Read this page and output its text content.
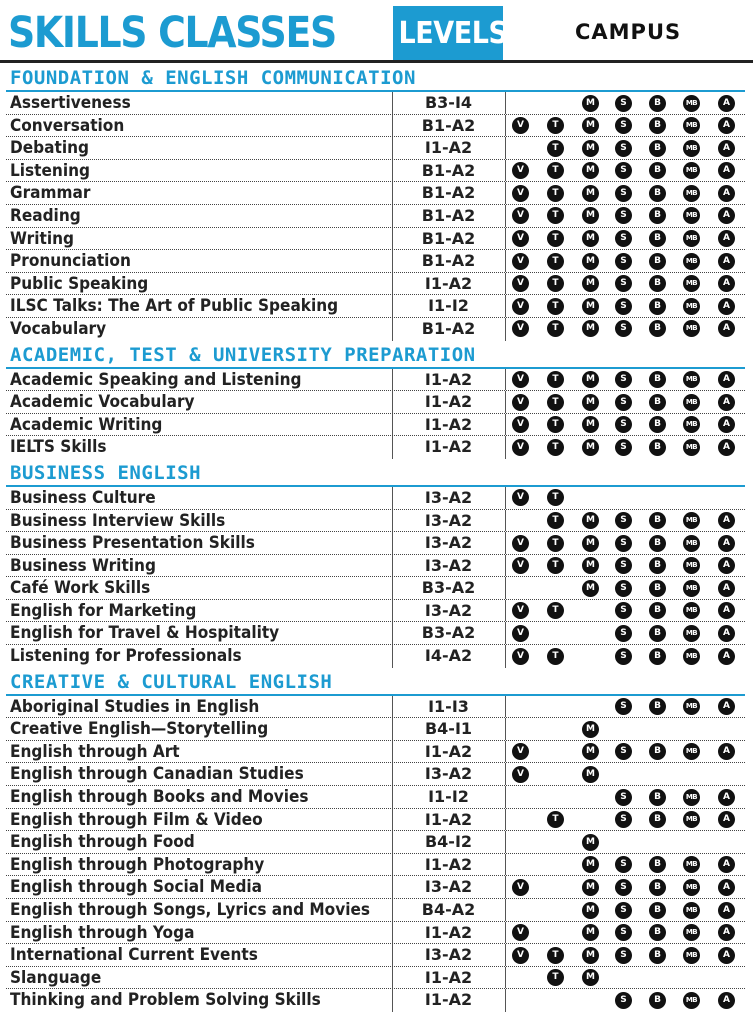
SKILLS CLASSES LEVELS	CAMPUS
FOUNDATION & ENGLISH COMMUNICATION
Assertiveness	B3-I4	M	S	B	MB	A
Conversation	B1-A2	V	T	M	S	B	MB	A
Debating	I1-A2	T	M	S	B	MB	A
Listening	B1-A2	V	T	M	S	B	MB	A
Grammar	B1-A2	V	T	M	S	B	MB	A
Reading	B1-A2	V	T	M	S	B	MB	A
Writing	B1-A2	V	T	M	S	B	MB	A
Pronunciation	B1-A2	V	T	M	S	B	MB	A
Public Speaking	I1-A2	V	T	M	S	B	MB	A
ILSC Talks: The Art of Public Speaking	I1-I2	V	T	M	S	B	MB	A
Vocabulary	B1-A2	V	T	M	S	B	MB	A
ACADEMIC, TEST & UNIVERSITY PREPARATION
Academic Speaking and Listening	I1-A2	V	T	M	S	B	MB	A
Academic Vocabulary	I1-A2	V	T	M	S	B	MB	A
Academic Writing	I1-A2	V	T	M	S	B	MB	A
IELTS Skills	I1-A2	V	T	M	S	B	MB	A
BUSINESS ENGLISH
Business Culture	I3-A2	V	T
Business Interview Skills	I3-A2	T	M	S	B	MB	A
Business Presentation Skills	I3-A2	V	T	M	S	B	MB	A
Business Writing	I3-A2	V	T	M	S	B	MB	A
Café Work Skills	B3-A2	M	S	B	MB	A
English for Marketing	I3-A2	V	T	S	B	MB	A
English for Travel & Hospitality	B3-A2	V	S	B	MB	A
Listening for Professionals	I4-A2	V	T	S	B	MB	A
CREATIVE & CULTURAL ENGLISH
Aboriginal Studies in English	I1-I3	S	B	MB	A
Creative English—Storytelling	B4-I1	M
English through Art	I1-A2	V	M	S	B	MB	A
English through Canadian Studies	I3-A2	V	M
English through Books and Movies	I1-I2	S	B	MB	A
English through Film & Video	I1-A2	T	S	B	MB	A
English through Food	B4-I2	M
English through Photography	I1-A2	M	S	B	MB	A
English through Social Media	I3-A2	V	M	S	B	MB	A
English through Songs, Lyrics and Movies	B4-A2	M	S	B	MB	A
English through Yoga	I1-A2	V	M	S	B	MB	A
International Current Events	I3-A2	V	T	M	S	B	MB	A
Slanguage	I1-A2	T	M
Thinking and Problem Solving Skills	I1-A2	S	B	MB	A
